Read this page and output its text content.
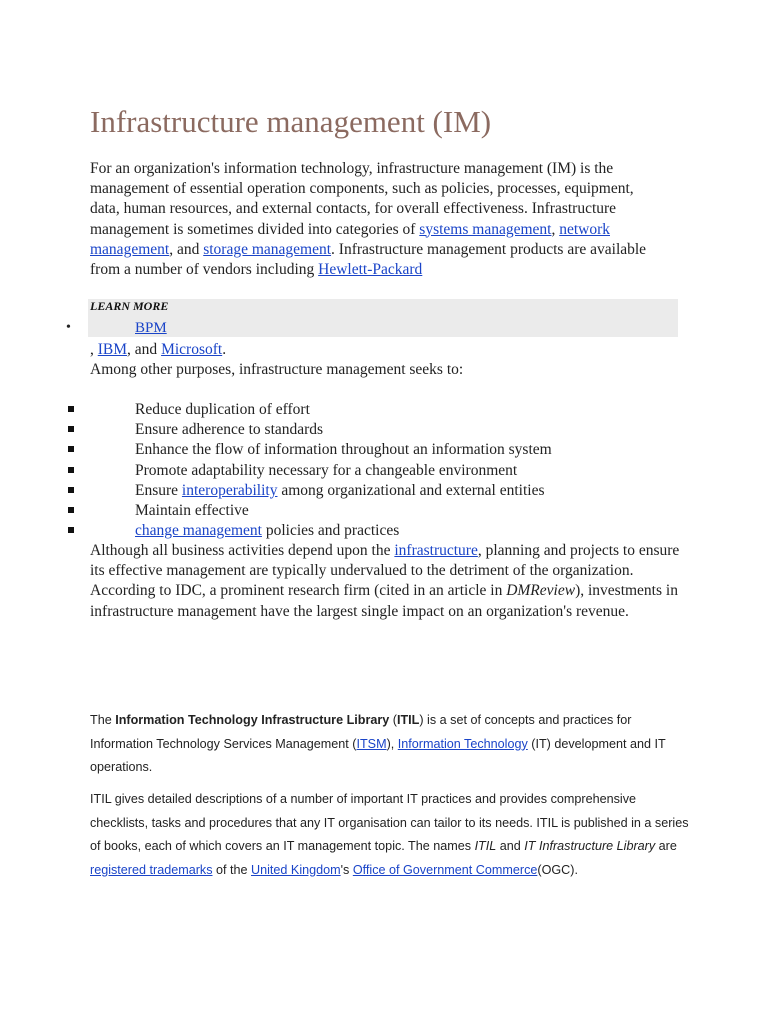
Infrastructure management (IM)

For an organization's information technology, infrastructure management (IM) is the management of essential operation components, such as policies, processes, equipment, data, human resources, and external contacts, for overall effectiveness. Infrastructure management is sometimes divided into categories of systems management, network management, and storage management. Infrastructure management products are available from a number of vendors including Hewlett-Packard

LEARN MORE
•	BPM

, IBM, and Microsoft.

Among other purposes, infrastructure management seeks to:

Reduce duplication of effort
Ensure adherence to standards
Enhance the flow of information throughout an information system
Promote adaptability necessary for a changeable environment
Ensure interoperability among organizational and external entities
Maintain effective
change management policies and practices

Although all business activities depend upon the infrastructure, planning and projects to ensure its effective management are typically undervalued to the detriment of the organization. According to IDC, a prominent research firm (cited in an article in DMReview), investments in infrastructure management have the largest single impact on an organization's revenue.

The Information Technology Infrastructure Library (ITIL) is a set of concepts and practices for Information Technology Services Management (ITSM), Information Technology (IT) development and IT operations.

ITIL gives detailed descriptions of a number of important IT practices and provides comprehensive checklists, tasks and procedures that any IT organisation can tailor to its needs. ITIL is published in a series of books, each of which covers an IT management topic. The names ITIL and IT Infrastructure Library are registered trademarks of the United Kingdom's Office of Government Commerce(OGC).
